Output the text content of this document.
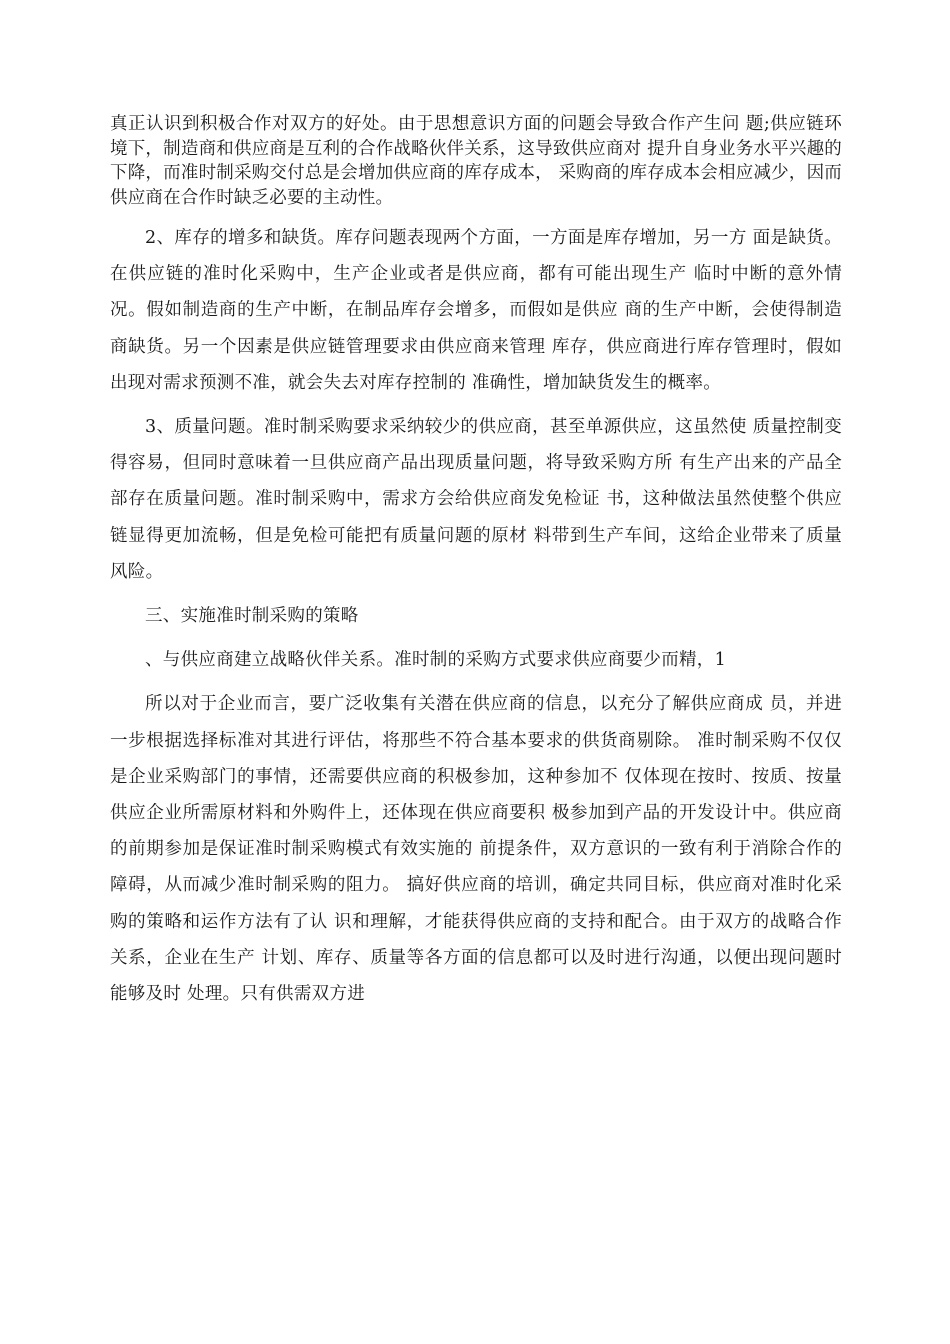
真正认识到积极合作对双方的好处。由于思想意识方面的问题会导致合作产生问 题;供应链环境下，制造商和供应商是互利的合作战略伙伴关系，这导致供应商对 提升自身业务水平兴趣的下降，而准时制采购交付总是会增加供应商的库存成本， 采购商的库存成本会相应减少，因而供应商在合作时缺乏必要的主动性。

2、库存的增多和缺货。库存问题表现两个方面，一方面是库存增加，另一方 面是缺货。在供应链的准时化采购中，生产企业或者是供应商，都有可能出现生产 临时中断的意外情况。假如制造商的生产中断，在制品库存会增多，而假如是供应 商的生产中断，会使得制造商缺货。另一个因素是供应链管理要求由供应商来管理 库存，供应商进行库存管理时，假如出现对需求预测不准，就会失去对库存控制的 准确性，增加缺货发生的概率。

3、质量问题。准时制采购要求采纳较少的供应商，甚至单源供应，这虽然使 质量控制变得容易，但同时意味着一旦供应商产品出现质量问题，将导致采购方所 有生产出来的产品全部存在质量问题。准时制采购中，需求方会给供应商发免检证 书，这种做法虽然使整个供应链显得更加流畅，但是免检可能把有质量问题的原材 料带到生产车间，这给企业带来了质量风险。

三、实施准时制采购的策略

、与供应商建立战略伙伴关系。准时制的采购方式要求供应商要少而精，1

所以对于企业而言，要广泛收集有关潜在供应商的信息，以充分了解供应商成 员，并进一步根据选择标准对其进行评估，将那些不符合基本要求的供货商剔除。 准时制采购不仅仅是企业采购部门的事情，还需要供应商的积极参加，这种参加不 仅体现在按时、按质、按量供应企业所需原材料和外购件上，还体现在供应商要积 极参加到产品的开发设计中。供应商的前期参加是保证准时制采购模式有效实施的 前提条件，双方意识的一致有利于消除合作的障碍，从而减少准时制采购的阻力。 搞好供应商的培训，确定共同目标，供应商对准时化采购的策略和运作方法有了认 识和理解，才能获得供应商的支持和配合。由于双方的战略合作关系，企业在生产 计划、库存、质量等各方面的信息都可以及时进行沟通，以便出现问题时能够及时 处理。只有供需双方进
